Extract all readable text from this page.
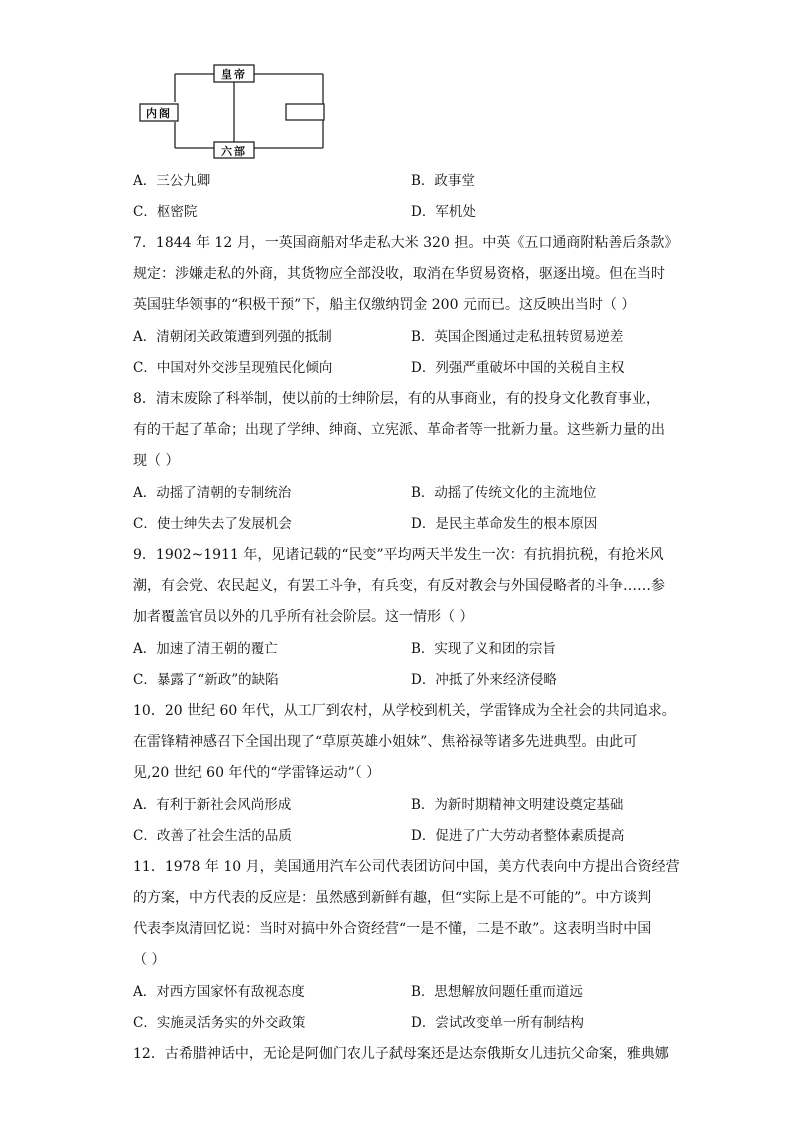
皇帝
内阁
六部
A．三公九卿	B．政事堂
C．枢密院	D．军机处
7．1844 年 12 月，一英国商船对华走私大米 320 担。中英《五口通商附粘善后条款》
规定：涉嫌走私的外商，其货物应全部没收，取消在华贸易资格，驱逐出境。但在当时
英国驻华领事的“积极干预”下，船主仅缴纳罚金 200 元而已。这反映出当时（ ）
A．清朝闭关政策遭到列强的抵制	B．英国企图通过走私扭转贸易逆差
C．中国对外交涉呈现殖民化倾向	D．列强严重破坏中国的关税自主权
8．清末废除了科举制，使以前的士绅阶层，有的从事商业，有的投身文化教育事业，
有的干起了革命；出现了学绅、绅商、立宪派、革命者等一批新力量。这些新力量的出
现（ ）
A．动摇了清朝的专制统治	B．动摇了传统文化的主流地位
C．使士绅失去了发展机会	D．是民主革命发生的根本原因
9．1902~1911 年，见诸记载的“民变”平均两天半发生一次：有抗捐抗税，有抢米风
潮，有会党、农民起义，有罢工斗争，有兵变，有反对教会与外国侵略者的斗争……参
加者覆盖官员以外的几乎所有社会阶层。这一情形（ ）
A．加速了清王朝的覆亡	B．实现了义和团的宗旨
C．暴露了“新政”的缺陷	D．冲抵了外来经济侵略
10．20 世纪 60 年代，从工厂到农村，从学校到机关，学雷锋成为全社会的共同追求。
在雷锋精神感召下全国出现了“草原英雄小姐妹”、焦裕禄等诸多先进典型。由此可
见,20 世纪 60 年代的“学雷锋运动”（ ）
A．有利于新社会风尚形成	B．为新时期精神文明建设奠定基础
C．改善了社会生活的品质	D．促进了广大劳动者整体素质提高
11．1978 年 10 月，美国通用汽车公司代表团访问中国，美方代表向中方提出合资经营
的方案，中方代表的反应是：虽然感到新鲜有趣，但“实际上是不可能的”。中方谈判
代表李岚清回忆说：当时对搞中外合资经营“一是不懂，二是不敢”。这表明当时中国
（ ）
A．对西方国家怀有敌视态度	B．思想解放问题任重而道远
C．实施灵活务实的外交政策	D．尝试改变单一所有制结构
12．古希腊神话中，无论是阿伽门农儿子弑母案还是达奈俄斯女儿违抗父命案，雅典娜
